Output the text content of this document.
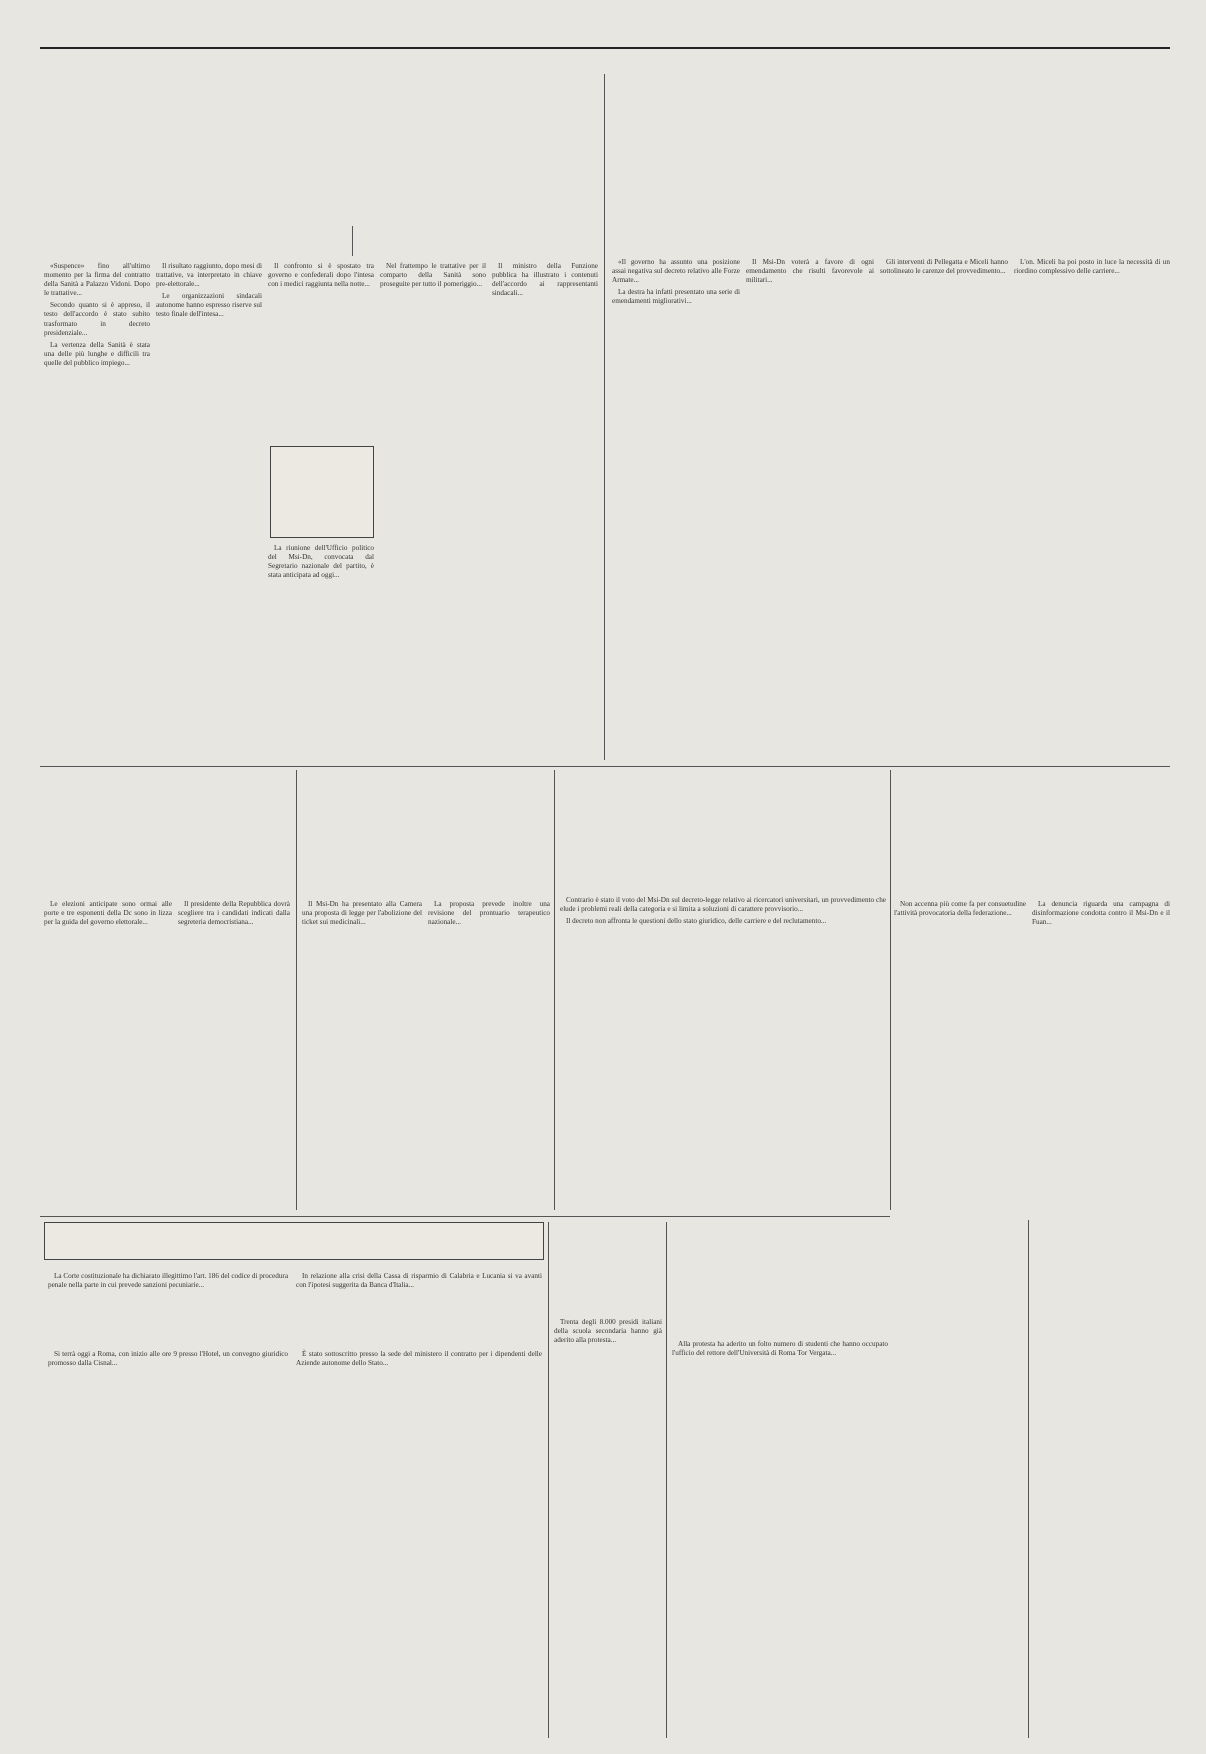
«Suspence» fino all'ultimo momento per la firma del contratto della Sanità a Palazzo Vidoni. Dopo le trattative...

Secondo quanto si è appreso, il testo dell'accordo è stato subito trasformato in decreto presidenziale...

La vertenza della Sanità è stata una delle più lunghe e difficili tra quelle del pubblico impiego...

Il risultato raggiunto, dopo mesi di trattative, va interpretato in chiave pre-elettorale...

Le organizzazioni sindacali autonome hanno espresso riserve sul testo finale dell'intesa...

Il confronto si è spostato tra governo e confederali dopo l'intesa con i medici raggiunta nella notte...

La riunione dell'Ufficio politico del Msi-Dn, convocata dal Segretario nazionale del partito, è stata anticipata ad oggi...

Nel frattempo le trattative per il comparto della Sanità sono proseguite per tutto il pomeriggio...

Il ministro della Funzione pubblica ha illustrato i contenuti dell'accordo ai rappresentanti sindacali...

«Il governo ha assunto una posizione assai negativa sul decreto relativo alle Forze Armate...

La destra ha infatti presentato una serie di emendamenti migliorativi...

Il Msi-Dn voterà a favore di ogni emendamento che risulti favorevole ai militari...

Gli interventi di Pellegatta e Miceli hanno sottolineato le carenze del provvedimento...

L'on. Miceli ha poi posto in luce la necessità di un riordino complessivo delle carriere...

Le elezioni anticipate sono ormai alle porte e tre esponenti della Dc sono in lizza per la guida del governo elettorale...

Il presidente della Repubblica dovrà scegliere tra i candidati indicati dalla segreteria democristiana...

Il Msi-Dn ha presentato alla Camera una proposta di legge per l'abolizione del ticket sui medicinali...

La proposta prevede inoltre una revisione del prontuario terapeutico nazionale...

Contrario è stato il voto del Msi-Dn sul decreto-legge relativo ai ricercatori universitari, un provvedimento che elude i problemi reali della categoria e si limita a soluzioni di carattere provvisorio...

Il decreto non affronta le questioni dello stato giuridico, delle carriere e del reclutamento...

Non accenna più come fa per consuetudine l'attività provocatoria della federazione...

La denuncia riguarda una campagna di disinformazione condotta contro il Msi-Dn e il Fuan...

La Corte costituzionale ha dichiarato illegittimo l'art. 186 del codice di procedura penale nella parte in cui prevede sanzioni pecuniarie...

Si terrà oggi a Roma, con inizio alle ore 9 presso l'Hotel, un convegno giuridico promosso dalla Cisnal...

In relazione alla crisi della Cassa di risparmio di Calabria e Lucania si va avanti con l'ipotesi suggerita da Banca d'Italia...

È stato sottoscritto presso la sede del ministero il contratto per i dipendenti delle Aziende autonome dello Stato...

Trenta degli 8.000 presidi italiani della scuola secondaria hanno già aderito alla protesta...	Alla protesta ha aderito un folto numero di studenti che hanno occupato l'ufficio del rettore dell'Università di Roma Tor Vergata...
